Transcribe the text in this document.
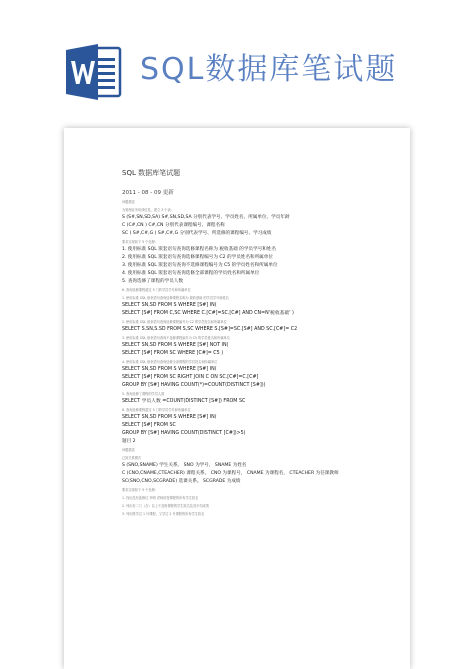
SQL数据库笔试题
SQL 数据库笔试题
2011 - 08 - 09 更新
问题描述
为管理业务培训信息，建立 3 个表：
S (S#,SN,SD,SA) S#,SN,SD,SA 分别代表学号、学员姓名、所属单位、学员年龄
C (C#,CN ) C#,CN 分别代表课程编号、课程名称
SC ( S#,C#,G ) S#,C#,G 分别代表学号、所选修的课程编号、学习成绩
要求实现如下 5 个处理：
1. 使用标准 SQL 嵌套语句查询选修课程名称为 税收基础 的学员学号和姓名
2. 使用标准 SQL 嵌套语句查询选修课程编号为 C2 的学员姓名和所属单位
3. 使用标准 SQL 嵌套语句查询不选修课程编号为 C5 的学员姓名和所属单位
4. 使用标准 SQL 嵌套语句查询选修全部课程的学员姓名和所属单位
5. 查询选修了课程的学员人数
6. 查询选修课程超过 5 门的学员学号和所属单位
1. 使用标准 SQL 嵌套语句查询选修课程名称为 税收基础 的学员学号和姓名
SELECT SN,SD FROM S WHERE [S#] IN(
SELECT [S#] FROM C,SC WHERE C.[C#]=SC.[C#] AND CN=N'税收基础' )
2. 使用标准 SQL 嵌套语句查询选修课程编号为 C2 的学员姓名和所属单位
SELECT S.SN,S.SD FROM S,SC WHERE S.[S#]=SC.[S#] AND SC.[C#]= C2
3. 使用标准 SQL 嵌套语句查询不选修课程编号为 C5 的学员姓名和所属单位
SELECT SN,SD FROM S WHERE [S#] NOT IN(
SELECT [S#] FROM SC WHERE [C#]= C5 )
4. 使用标准 SQL 嵌套语句查询选修全部课程的学员姓名和所属单位
SELECT SN,SD FROM S WHERE [S#] IN(
SELECT [S#] FROM SC RIGHT JOIN C ON SC.[C#]=C.[C#]
GROUP BY [S#] HAVING COUNT(*)=COUNT(DISTINCT [S#]))
5. 查询选修了课程的学员人数
SELECT 学员人数 =COUNT(DISTINCT [S#]) FROM SC
6. 查询选修课程超过 5 门的学员学号和所属单位
SELECT SN,SD FROM S WHERE [S#] IN(
SELECT [S#] FROM SC
GROUP BY [S#] HAVING COUNT(DISTINCT [C#])>5)
题目 2
问题描述
已知关系模式
S (SNO,SNAME) 学生关系。 SNO 为学号， SNAME 为姓名
C (CNO,CNAME,CTEACHER) 课程关系。 CNO 为课程号， CNAME 为课程名， CTEACHER 为任课教师
SC(SNO,CNO,SCGRADE) 选课关系。 SCGRADE 为成绩
要求实现如下 5 个处理：
1. 找出没有选修过 李明 老师讲授课程的所有学生姓名
2. 列出有二门（含）以上不及格课程的学生姓名及其平均成绩
3. 列出既学过 1 号课程，又学过 2 号课程的所有学生姓名
